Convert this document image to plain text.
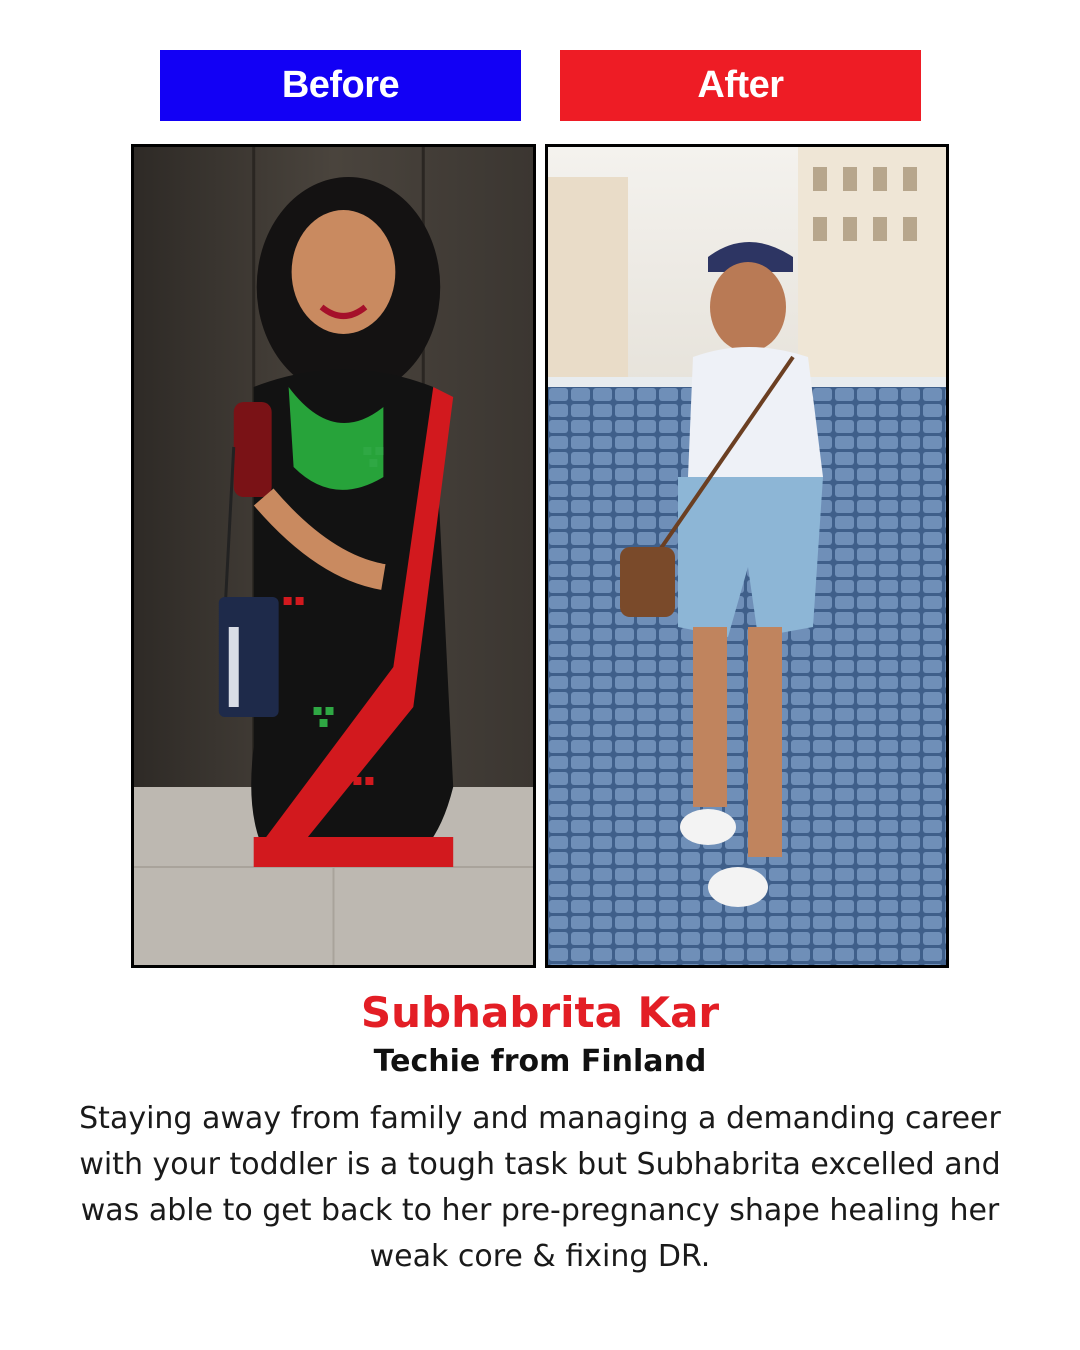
Before	After
Subhabrita Kar
Techie from Finland
Staying away from family and managing a demanding career with your toddler is a tough task but Subhabrita excelled and was able to get back to her pre-pregnancy shape healing her weak core & fixing DR.
